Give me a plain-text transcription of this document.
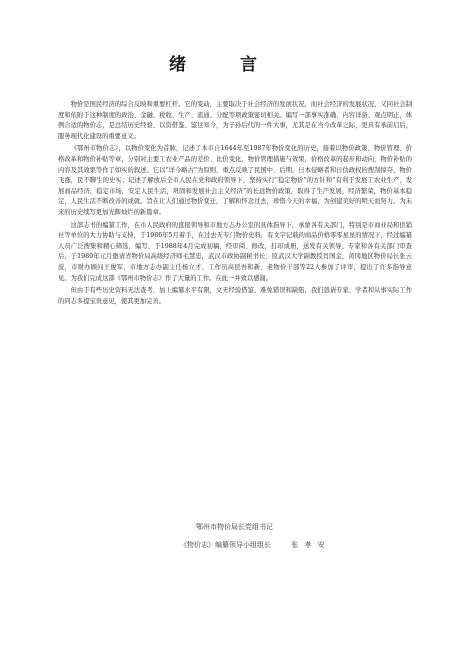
绪 言

物价是国民经济的综合反映和重要杠杆。它的变动，主要取决于社会经济的发展状况，而社会经济的发展状况，又同社会制度和依附于这种制度的政治、金融、税收、生产、流通、分配等项政策密切相关。编写一部事实准确、内容详备、观点明正，体例合适的物价志，是总结历史经验、以资借鉴、鉴往知今，为子孙后代的一件大事，尤其是在当今改革之际，更具有承前启后，服务现代化建设的重要意义。

《鄂州市物价志》，以物价变化为首脉，记述了本市自1644年至1987年物价变化的历史，接着以物价政策、物价管理、价格改革和物价补贴等章，分别对主要工农业产品的差价、比价变化，物价管理措施与效果，价格改革的起步和动向，物价补贴的内容及其效果等作了如实的叙述。它以“详今略古”为原则，重点反映了民国中、后期，日本侵略者和日伪政权的搜刮掠夺，物价飞涨，民不聊生的史实；记述了解放后全市人民在党和政府领导下，坚持实行“稳定物价”的方针和“有利于发展工农业生产，发展商品经济，稳定市场，安定人民生活，巩固和发展社会主义经济”的长远物价政策，取得了生产发展，经济繁荣，物价基本稳定，人民生活不断改善的成就。旨在让人们通过物价变迁，了解和怀念过去，珍惜今天的幸福，为创建美好的明天而努力。为未来的历史续写更加光辉灿烂的新篇章。

这部志书的编纂工作，在市人民政府的直接领导和市地方志办公室的具体指导下，承蒙各有关部门，特别是市商业局和供销社等单位的大力协助与支持，于1986年5月着手，在过去无专门物价史料，有文字记载的商品价格零零星星的情况下，经过编纂人员广泛搜集和精心筛选，编写，于1988年4月完成初稿，经审阅、修改，打印成册，送发有关领导、专家和各有关部门审查后，于1989年元月邀请省物价局高级经济师毛慧忠，武汉市政协副秘书长、原武汉大学副教授肖国金，黄冈地区物价局长张云波，市财办顾问王俊军，市地方志办副主任杨立才、工作员高昆吾和新、老物价干部等22人参加了评审，提出了许多指导意见。为我们完成这部《鄂州市物价志》作了大量的工作。在此一并致以感谢。

但由于有些历史资料无法查考，加上编纂水平有限，文无经验借鉴，难免错误和缺陷，我们恳请专家、学者和从事实际工作的同志多提宝贵意见，使其更加完善。

鄂州市物价局长党组书记
《物价志》编纂领导小组组长	张 孝 安
